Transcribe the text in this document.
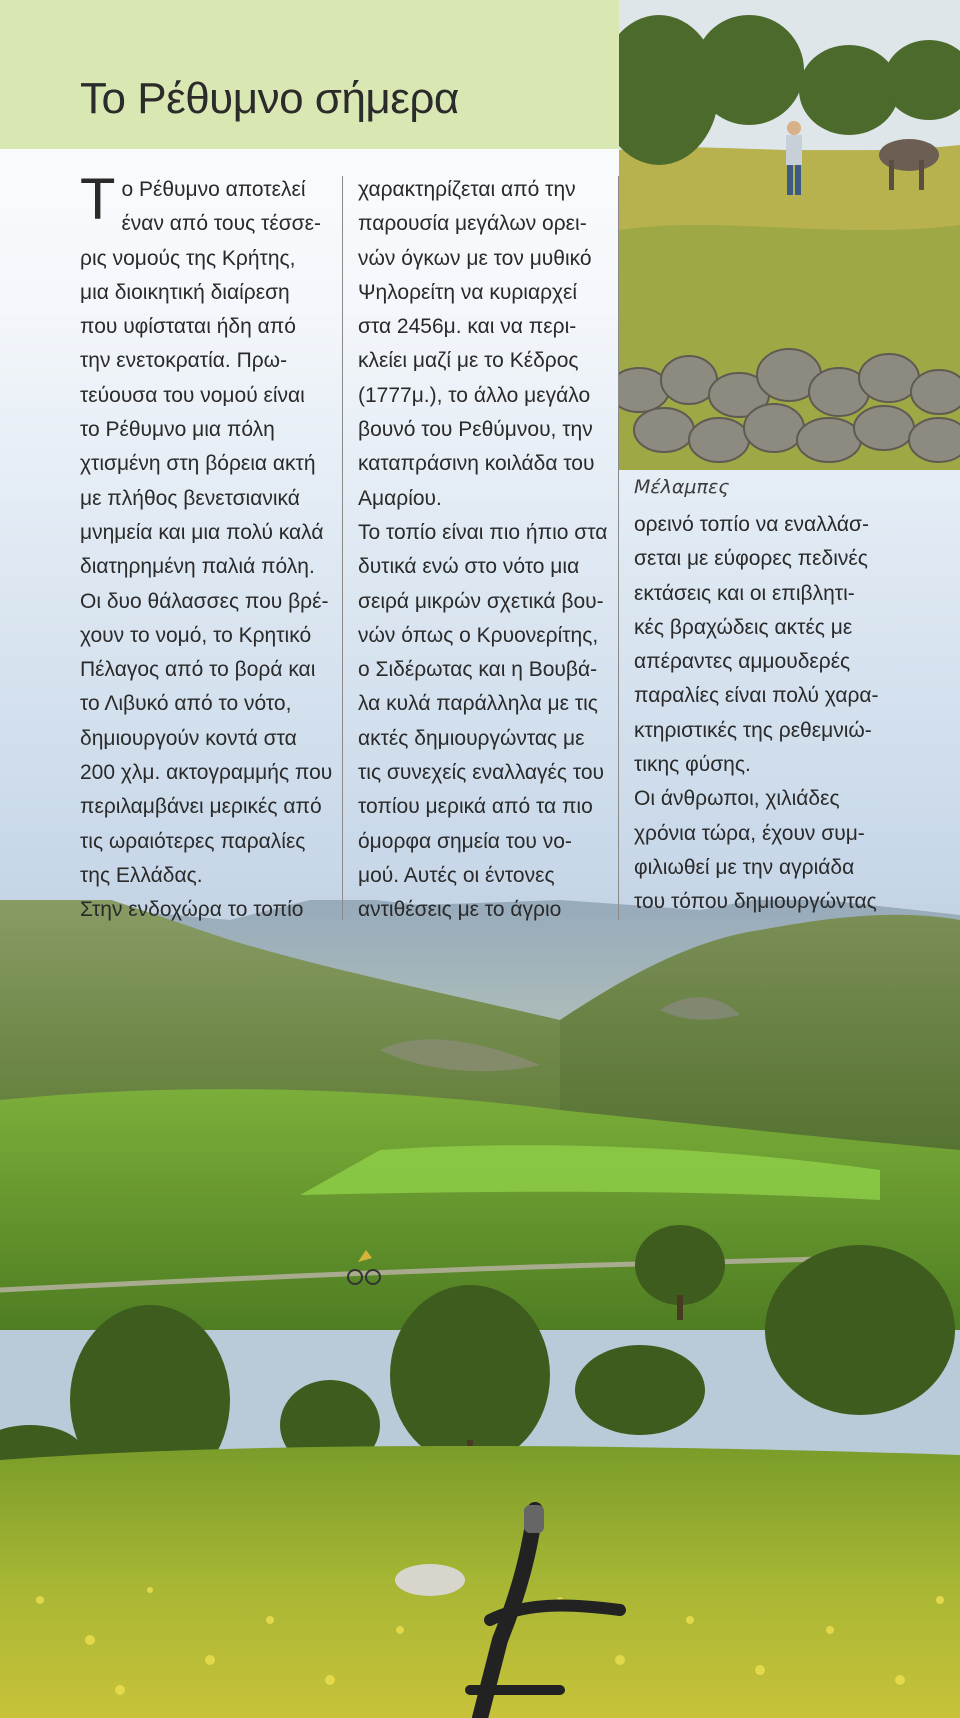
Το Ρέθυμνο σήμερα
Μέλαμπες
Τ ο Ρέθυμνο αποτελεί
έναν από τους τέσσε-
ρις νομούς της Κρήτης,
μια διοικητική διαίρεση
που υφίσταται ήδη από
την ενετοκρατία. Πρω-
τεύουσα του νομού είναι
το Ρέθυμνο μια πόλη
χτισμένη στη βόρεια ακτή
με πλήθος βενετσιανικά
μνημεία και μια πολύ καλά
διατηρημένη παλιά πόλη.
Οι δυο θάλασσες που βρέ-
χουν το νομό, το Κρητικό
Πέλαγος από το βορά και
το Λιβυκό από το νότο,
δημιουργούν κοντά στα
200 χλμ. ακτογραμμής που
περιλαμβάνει μερικές από
τις ωραιότερες παραλίες
της Ελλάδας.
Στην ενδοχώρα το τοπίο
χαρακτηρίζεται από την
παρουσία μεγάλων ορει-
νών όγκων με τον μυθικό
Ψηλορείτη να κυριαρχεί
στα 2456μ. και να περι-
κλείει μαζί με το Κέδρος
(1777μ.), το άλλο μεγάλο
βουνό του Ρεθύμνου, την
καταπράσινη κοιλάδα του
Αμαρίου.
Το τοπίο είναι πιο ήπιο στα
δυτικά ενώ στο νότο μια
σειρά μικρών σχετικά βου-
νών όπως ο Κρυονερίτης,
ο Σιδέρωτας και η Βουβά-
λα κυλά παράλληλα με τις
ακτές δημιουργώντας με
τις συνεχείς εναλλαγές του
τοπίου μερικά από τα πιο
όμορφα σημεία του νο-
μού. Αυτές οι έντονες
αντιθέσεις με το άγριο
ορεινό τοπίο να εναλλάσ-
σεται με εύφορες πεδινές
εκτάσεις και οι επιβλητι-
κές βραχώδεις ακτές με
απέραντες αμμουδερές
παραλίες είναι πολύ χαρα-
κτηριστικές της ρεθεμνιώ-
τικης φύσης.
Οι άνθρωποι, χιλιάδες
χρόνια τώρα, έχουν συμ-
φιλιωθεί με την αγριάδα
του τόπου δημιουργώντας
